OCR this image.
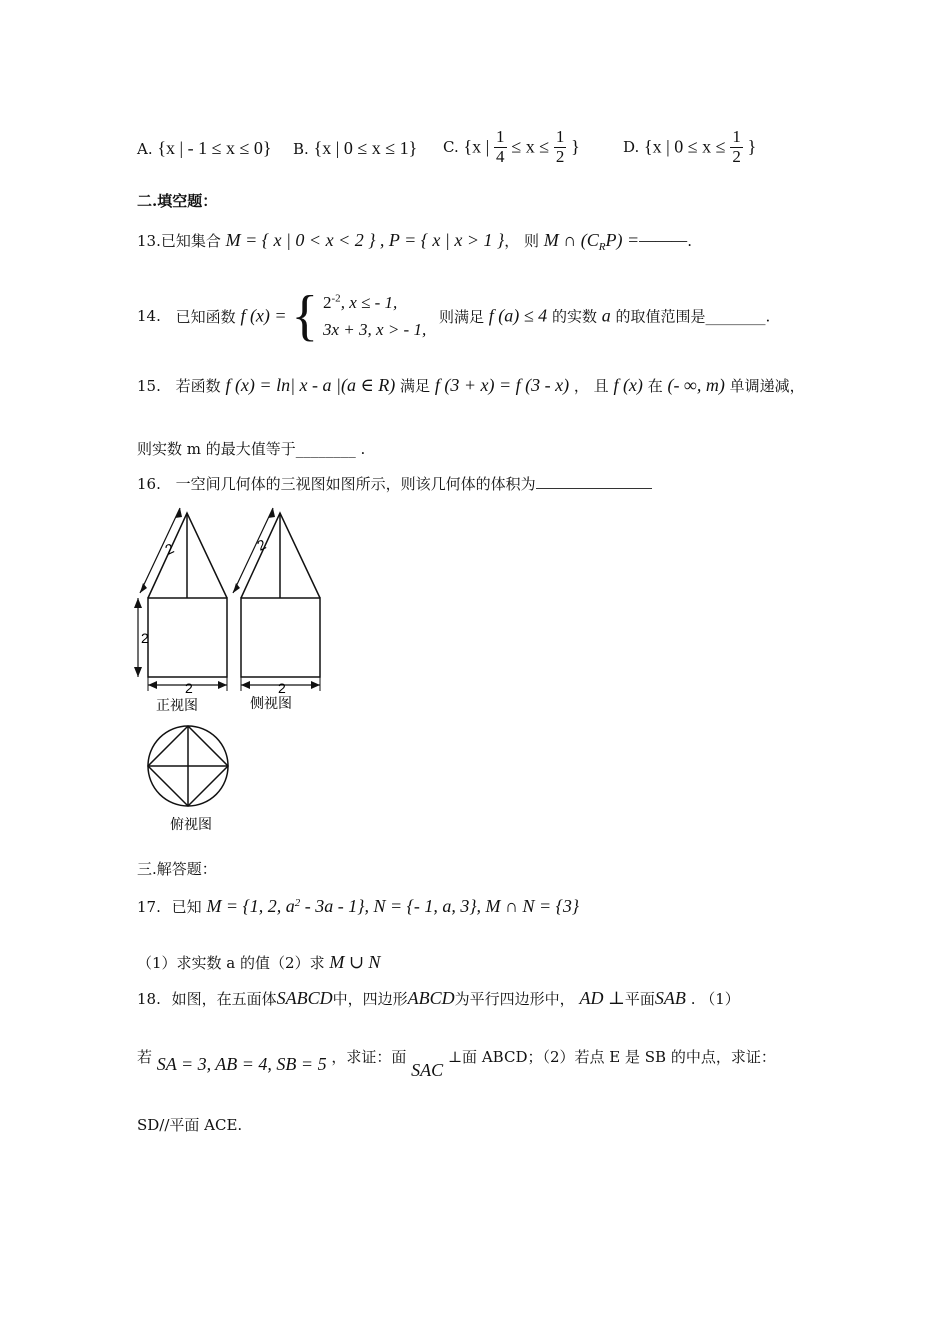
A. {x | - 1 ≤ x ≤ 0} B. {x | 0 ≤ x ≤ 1} C. {x | $\frac{1}{4} \le x \le \frac{1}{2}$ }	D. {x | $0 \le x \le \frac{1}{2}$ }
二.填空题：
13.已知集合 M = { x | 0 < x < 2 } , P = { x | x > 1 }， 则 M ∩ $(C_RP)$ =———.
14. 已知函数 f (x) = { $2^{-2}$, x ≤ - 1,
3x + 3, x > - 1,
则满足 f (a) ≤ 4 的实数 a 的取值范围是________.
15. 若函数 f (x) = ln| x - a |(a ∈ R) 满足 f (3 + x) = f (3 - x) ， 且 f (x) 在 (- ∞, m) 单调递减，
则实数 m 的最大值等于________ .
16. 一空间几何体的三视图如图所示，则该几何体的体积为
2
2
2
正视图
2
2
侧视图
俯视图
三.解答题：
17. 已知 M = {1, 2, $a^2 - 3a - 1$}, N = {- 1, a, 3}, M ∩ N = {3}
（1）求实数 a 的值（2）求 M ∪ N
18. 如图，在五面体SABCD中，四边形ABCD为平行四边形中， AD ⊥平面SAB . （1）
若 SA = 3, AB = 4, SB = 5 ，求证：面 SAC ⊥面 ABCD；（2）若点 E 是 SB 的中点，求证：
SD//平面 ACE.
